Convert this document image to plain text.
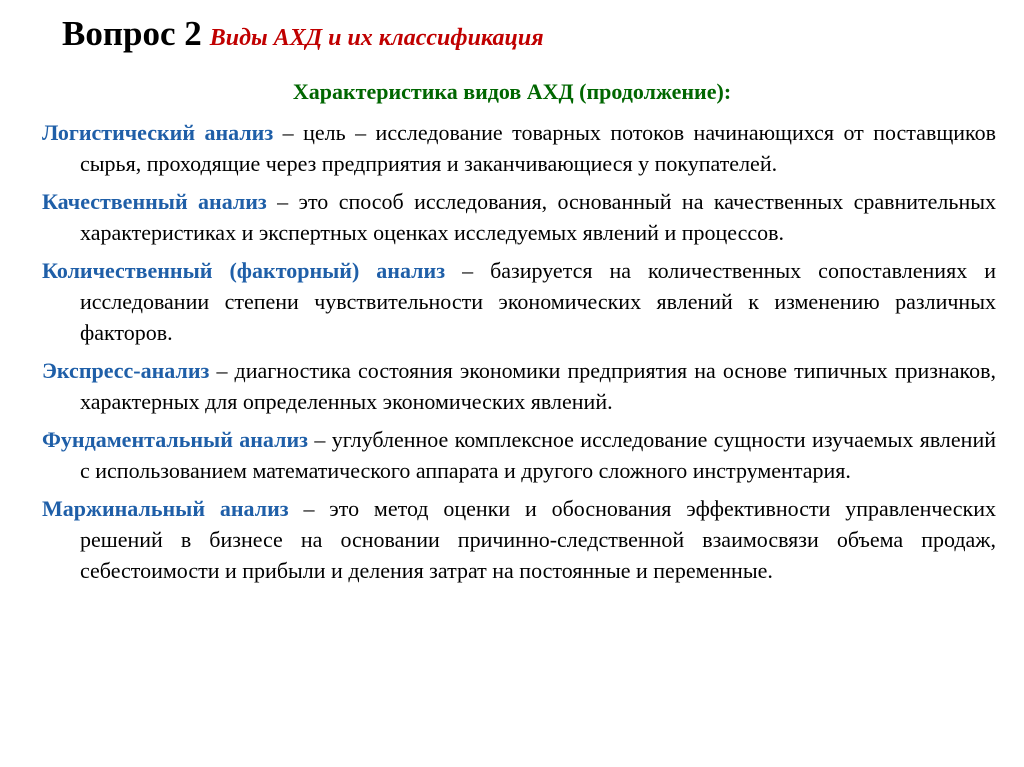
Вопрос 2 Виды АХД и их классификация
Характеристика видов АХД (продолжение):
Логистический анализ – цель – исследование товарных потоков начинающихся от поставщиков сырья, проходящие через предприятия и заканчивающиеся у покупателей.
Качественный анализ – это способ исследования, основанный на качественных сравнительных характеристиках и экспертных оценках исследуемых явлений и процессов.
Количественный (факторный) анализ – базируется на количественных сопоставлениях и исследовании степени чувствительности экономических явлений к изменению различных факторов.
Экспресс-анализ – диагностика состояния экономики предприятия на основе типичных признаков, характерных для определенных экономических явлений.
Фундаментальный анализ – углубленное комплексное исследование сущности изучаемых явлений с использованием математического аппарата и другого сложного инструментария.
Маржинальный анализ – это метод оценки и обоснования эффективности управленческих решений в бизнесе на основании причинно-следственной взаимосвязи объема продаж, себестоимости и прибыли и деления затрат на постоянные и переменные.
